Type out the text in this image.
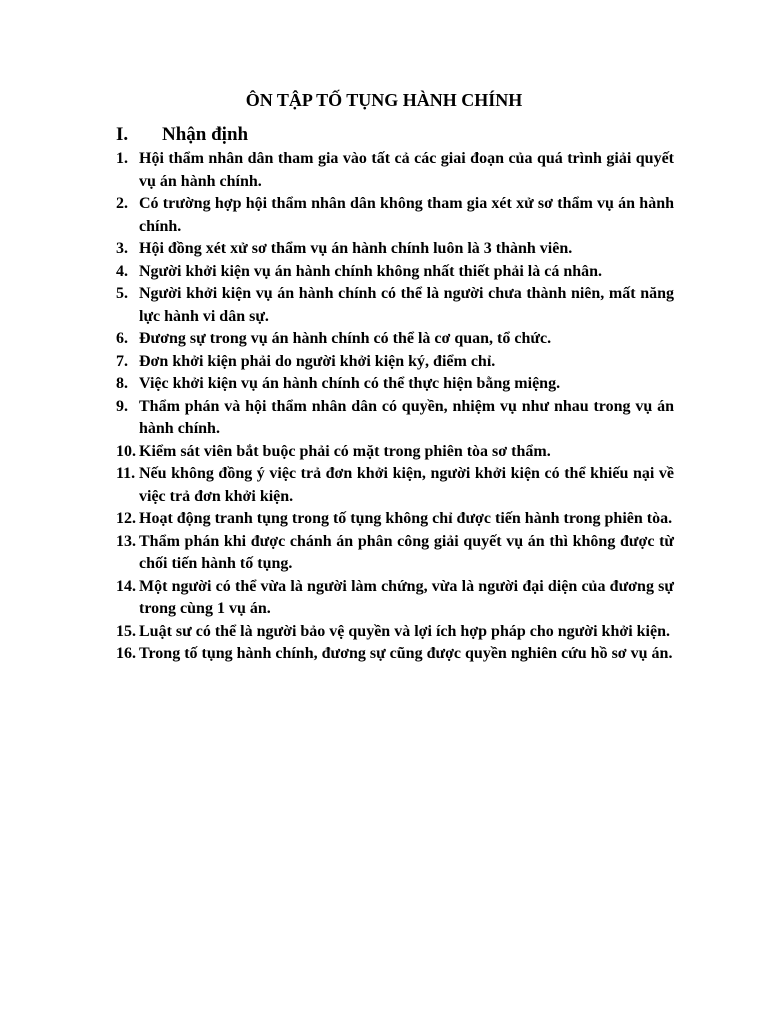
ÔN TẬP TỐ TỤNG HÀNH CHÍNH
I. Nhận định
1. Hội thẩm nhân dân tham gia vào tất cả các giai đoạn của quá trình giải quyết vụ án hành chính.
2. Có trường hợp hội thẩm nhân dân không tham gia xét xử sơ thẩm vụ án hành chính.
3. Hội đồng xét xử sơ thẩm vụ án hành chính luôn là 3 thành viên.
4. Người khởi kiện vụ án hành chính không nhất thiết phải là cá nhân.
5. Người khởi kiện vụ án hành chính có thể là người chưa thành niên, mất năng lực hành vi dân sự.
6. Đương sự trong vụ án hành chính có thể là cơ quan, tổ chức.
7. Đơn khởi kiện phải do người khởi kiện ký, điểm chỉ.
8. Việc khởi kiện vụ án hành chính có thể thực hiện bằng miệng.
9. Thẩm phán và hội thẩm nhân dân có quyền, nhiệm vụ như nhau trong vụ án hành chính.
10. Kiểm sát viên bắt buộc phải có mặt trong phiên tòa sơ thẩm.
11. Nếu không đồng ý việc trả đơn khởi kiện, người khởi kiện có thể khiếu nại về việc trả đơn khởi kiện.
12. Hoạt động tranh tụng trong tố tụng không chỉ được tiến hành trong phiên tòa.
13. Thẩm phán khi được chánh án phân công giải quyết vụ án thì không được từ chối tiến hành tố tụng.
14. Một người có thể vừa là người làm chứng, vừa là người đại diện của đương sự trong cùng 1 vụ án.
15. Luật sư có thể là người bảo vệ quyền và lợi ích hợp pháp cho người khởi kiện.
16. Trong tố tụng hành chính, đương sự cũng được quyền nghiên cứu hồ sơ vụ án.
